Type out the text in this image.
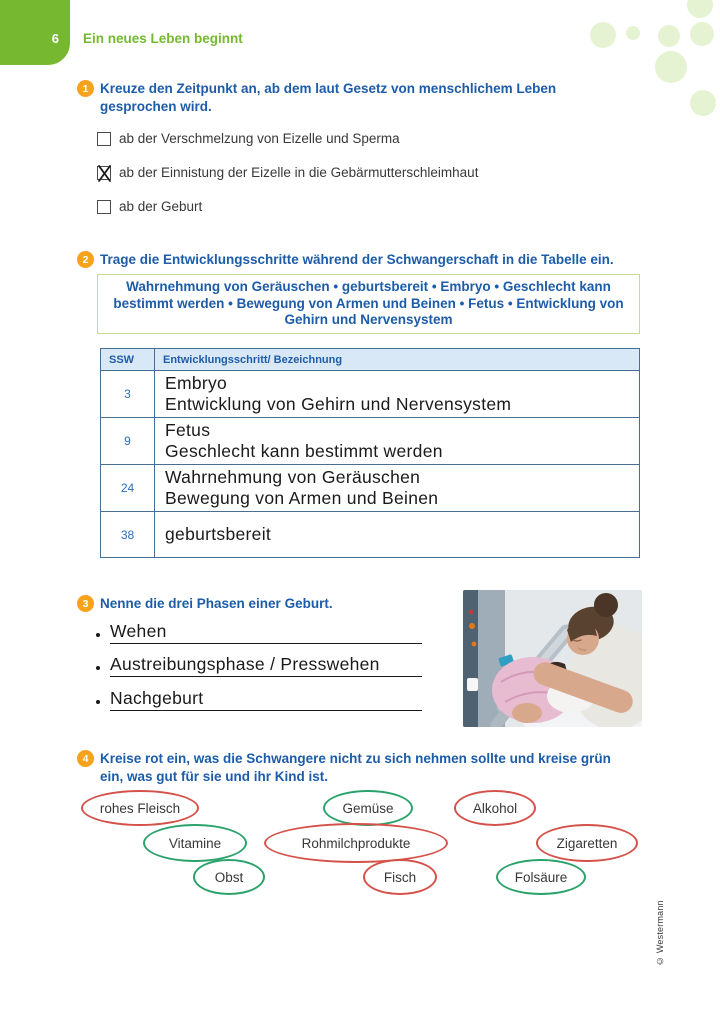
6 Ein neues Leben beginnt
1 Kreuze den Zeitpunkt an, ab dem laut Gesetz von menschlichem Leben gesprochen wird.
ab der Verschmelzung von Eizelle und Sperma
ab der Einnistung der Eizelle in die Gebärmutterschleimhaut
ab der Geburt
2 Trage die Entwicklungsschritte während der Schwangerschaft in die Tabelle ein.
Wahrnehmung von Geräuschen • geburtsbereit • Embryo • Geschlecht kann bestimmt werden • Bewegung von Armen und Beinen • Fetus • Entwicklung von Gehirn und Nervensystem
SSW	Entwicklungsschritt/ Bezeichnung
3	Embryo
Entwicklung von Gehirn und Nervensystem

9	Fetus
Geschlecht kann bestimmt werden

24	Wahrnehmung von Geräuschen
Bewegung von Armen und Beinen

38	geburtsbereit
3 Nenne die drei Phasen einer Geburt.
Wehen
Austreibungsphase / Presswehen
Nachgeburt
4 Kreise rot ein, was die Schwangere nicht zu sich nehmen sollte und kreise grün ein, was gut für sie und ihr Kind ist.
rohes Fleisch	Gemüse	Alkohol
Vitamine	Rohmilchprodukte	Zigaretten
Obst	Fisch	Folsäure
© Westermann
